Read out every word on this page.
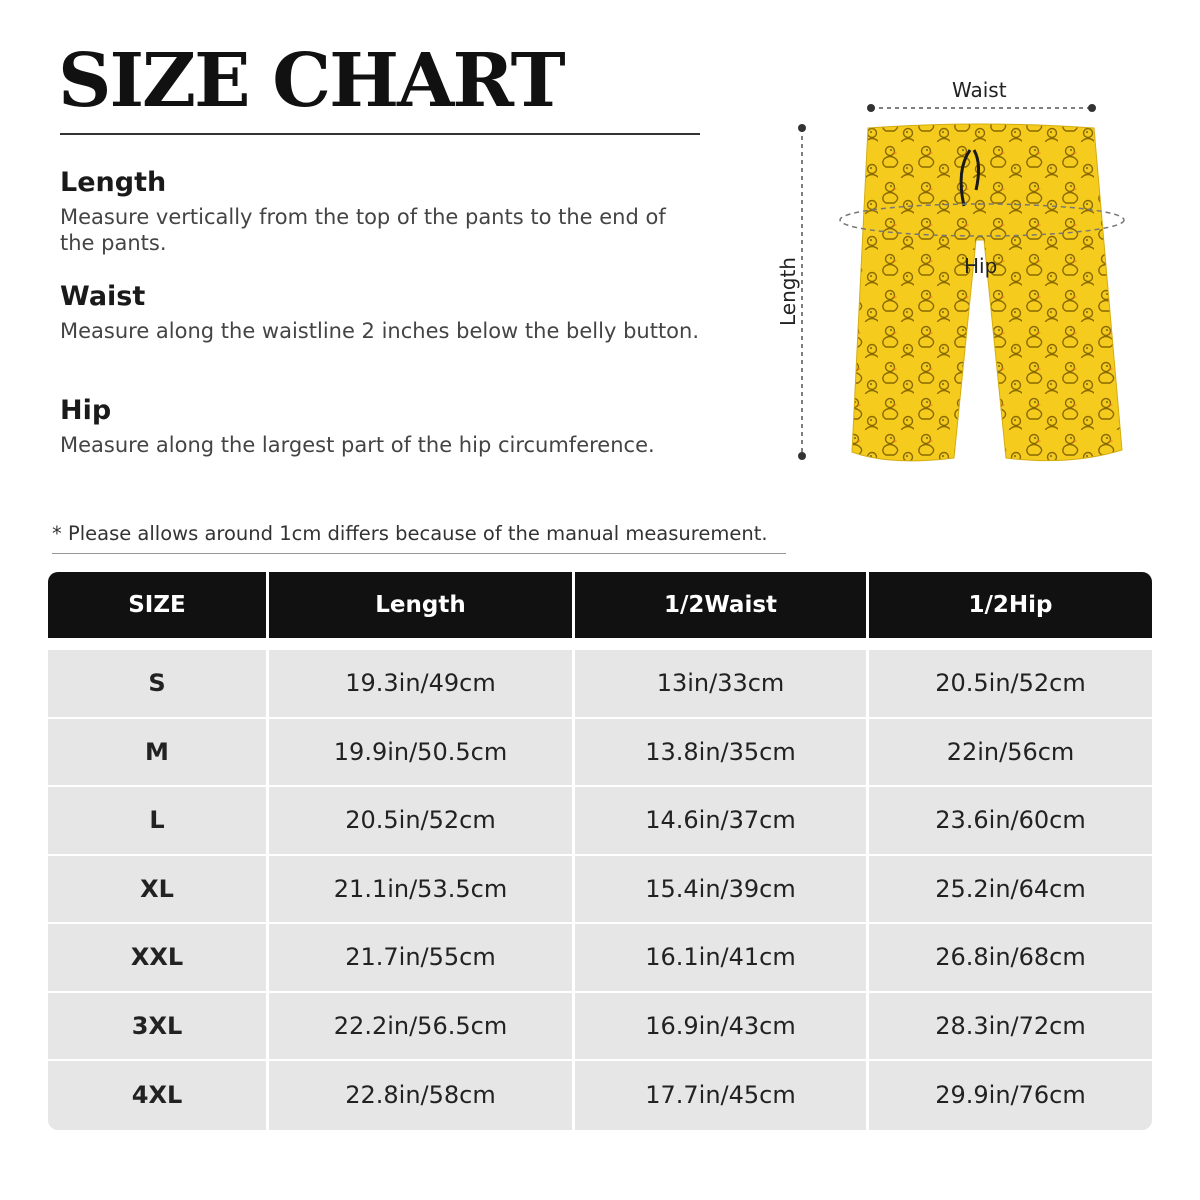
SIZE CHART
Length

Measure vertically from the top of the pants to the end of the pants.

Waist

Measure along the waistline 2 inches below the belly button.

Hip

Measure along the largest part of the hip circumference.

* Please allows around 1cm differs because of the manual measurement.
Waist
Hip
Length
SIZE	Length	1/2Waist	1/2Hip
S	19.3in/49cm	13in/33cm	20.5in/52cm
M	19.9in/50.5cm	13.8in/35cm	22in/56cm
L	20.5in/52cm	14.6in/37cm	23.6in/60cm
XL	21.1in/53.5cm	15.4in/39cm	25.2in/64cm
XXL	21.7in/55cm	16.1in/41cm	26.8in/68cm
3XL	22.2in/56.5cm	16.9in/43cm	28.3in/72cm
4XL	22.8in/58cm	17.7in/45cm	29.9in/76cm
